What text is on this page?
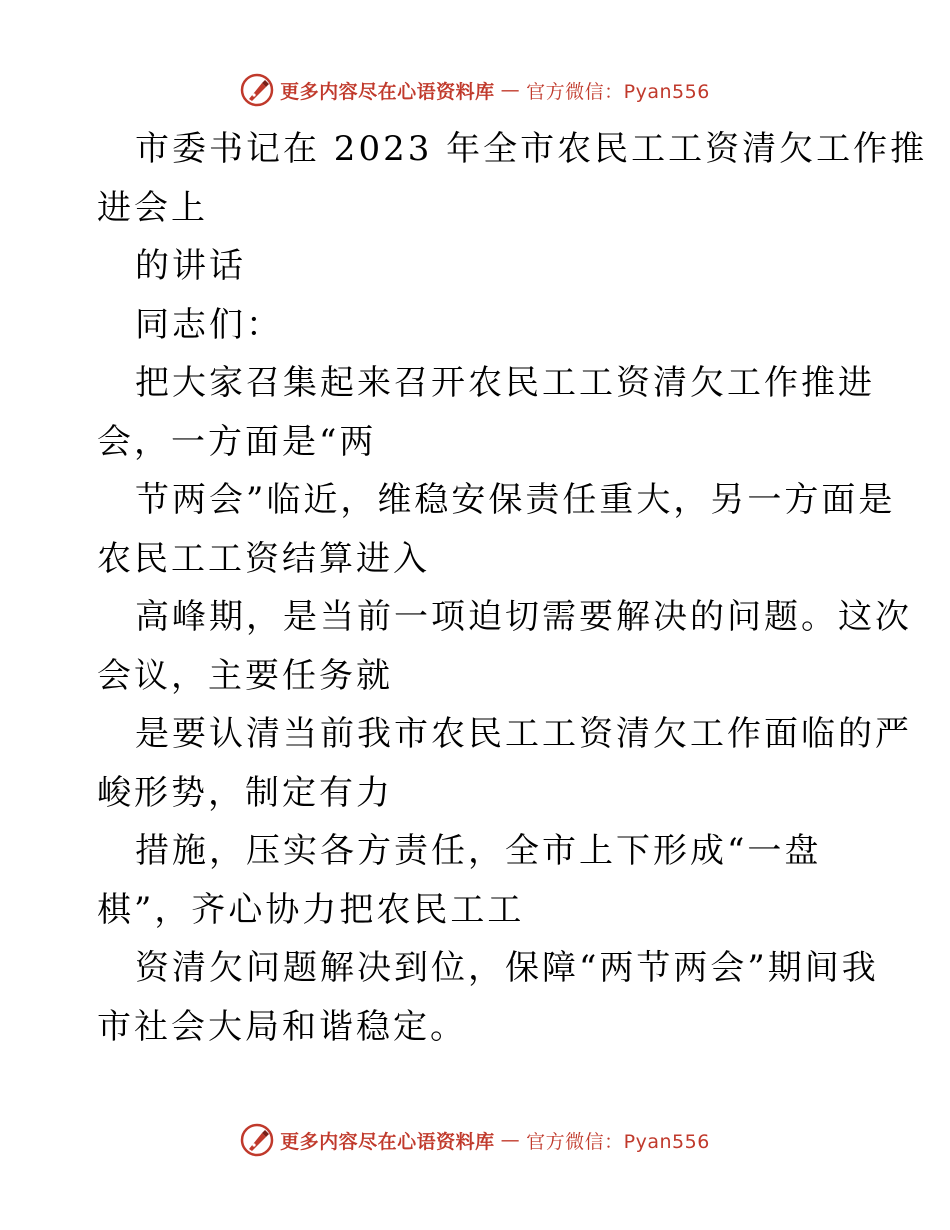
更多内容尽在心语资料库 — 官方微信：Pyan556
市委书记在 2023 年全市农民工工资清欠工作推
进会上
的讲话
同志们：
把大家召集起来召开农民工工资清欠工作推进
会，一方面是“两
节两会”临近，维稳安保责任重大，另一方面是
农民工工资结算进入
高峰期，是当前一项迫切需要解决的问题。这次
会议，主要任务就
是要认清当前我市农民工工资清欠工作面临的严
峻形势，制定有力
措施，压实各方责任，全市上下形成“一盘
棋”，齐心协力把农民工工
资清欠问题解决到位，保障“两节两会”期间我
市社会大局和谐稳定。
更多内容尽在心语资料库 — 官方微信：Pyan556
